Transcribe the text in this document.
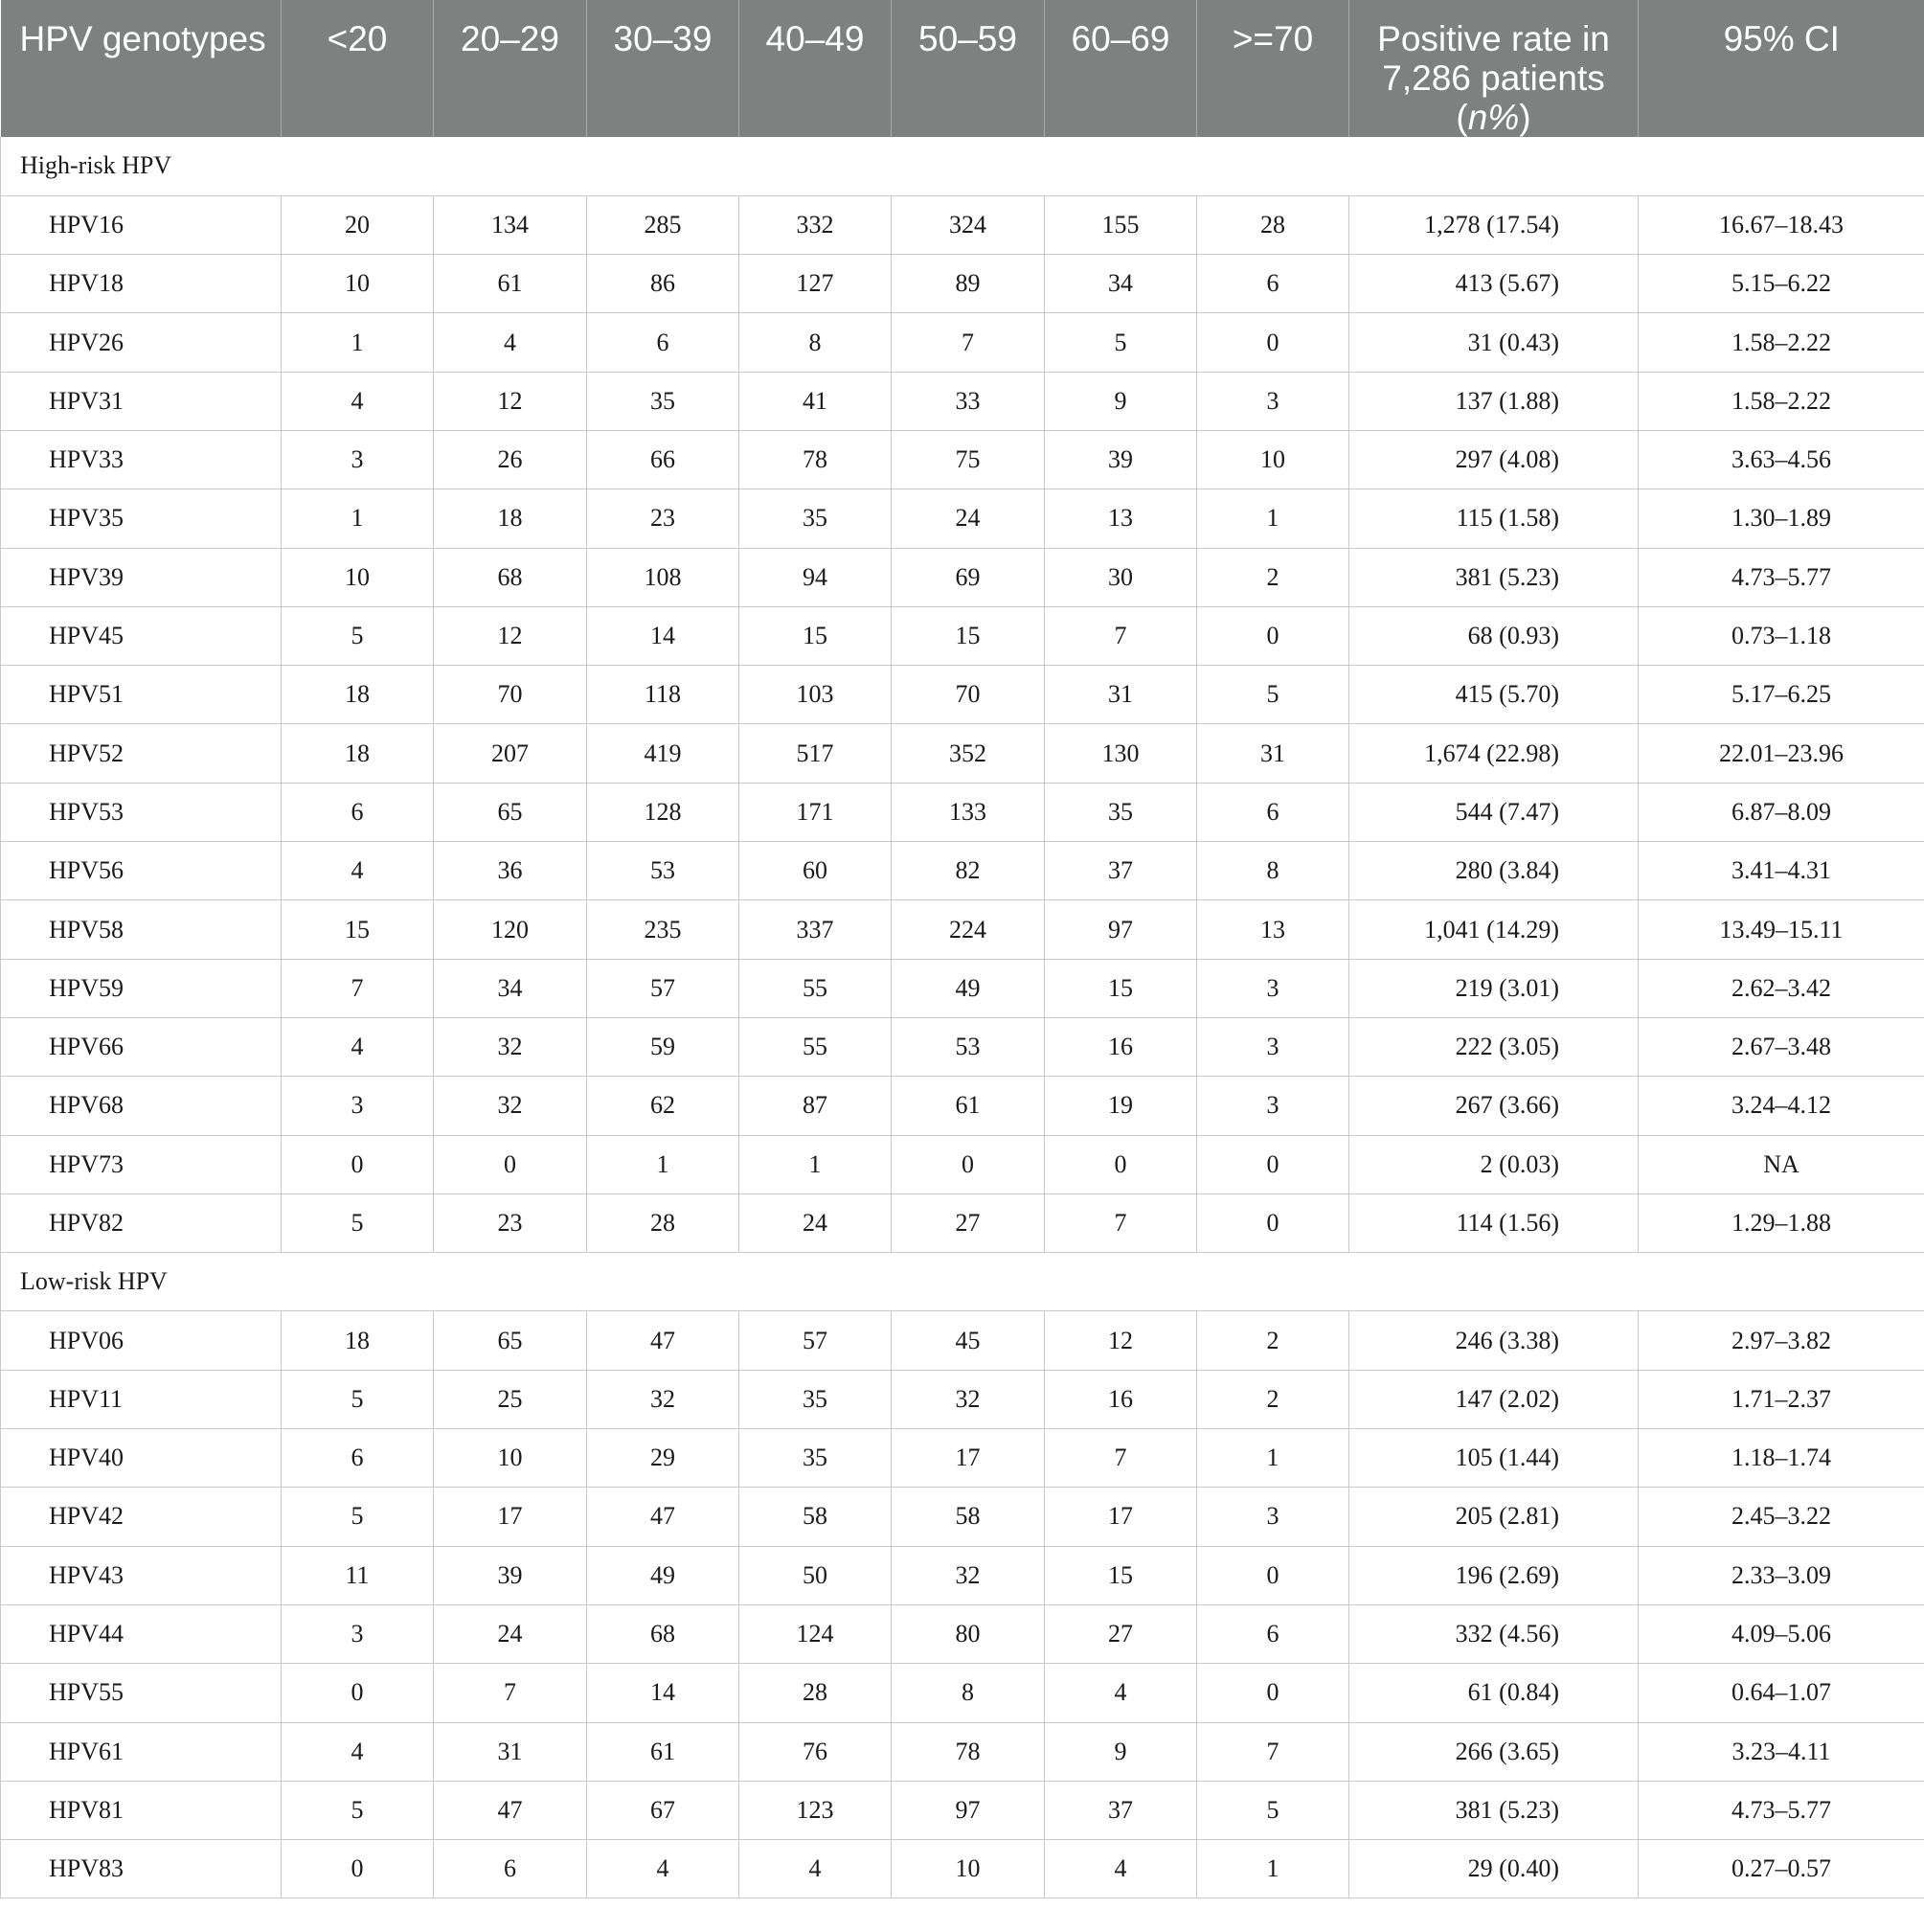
HPV genotypes	<20	20–29	30–39	40–49	50–59	60–69	>=70	Positive rate in 7,286 patients (n%)	95% CI
High-risk HPV									
HPV16	20	134	285	332	324	155	28	1,278 (17.54)	16.67–18.43
HPV18	10	61	86	127	89	34	6	413 (5.67)	5.15–6.22
HPV26	1	4	6	8	7	5	0	31 (0.43)	1.58–2.22
HPV31	4	12	35	41	33	9	3	137 (1.88)	1.58–2.22
HPV33	3	26	66	78	75	39	10	297 (4.08)	3.63–4.56
HPV35	1	18	23	35	24	13	1	115 (1.58)	1.30–1.89
HPV39	10	68	108	94	69	30	2	381 (5.23)	4.73–5.77
HPV45	5	12	14	15	15	7	0	68 (0.93)	0.73–1.18
HPV51	18	70	118	103	70	31	5	415 (5.70)	5.17–6.25
HPV52	18	207	419	517	352	130	31	1,674 (22.98)	22.01–23.96
HPV53	6	65	128	171	133	35	6	544 (7.47)	6.87–8.09
HPV56	4	36	53	60	82	37	8	280 (3.84)	3.41–4.31
HPV58	15	120	235	337	224	97	13	1,041 (14.29)	13.49–15.11
HPV59	7	34	57	55	49	15	3	219 (3.01)	2.62–3.42
HPV66	4	32	59	55	53	16	3	222 (3.05)	2.67–3.48
HPV68	3	32	62	87	61	19	3	267 (3.66)	3.24–4.12
HPV73	0	0	1	1	0	0	0	2 (0.03)	NA
HPV82	5	23	28	24	27	7	0	114 (1.56)	1.29–1.88
Low-risk HPV									
HPV06	18	65	47	57	45	12	2	246 (3.38)	2.97–3.82
HPV11	5	25	32	35	32	16	2	147 (2.02)	1.71–2.37
HPV40	6	10	29	35	17	7	1	105 (1.44)	1.18–1.74
HPV42	5	17	47	58	58	17	3	205 (2.81)	2.45–3.22
HPV43	11	39	49	50	32	15	0	196 (2.69)	2.33–3.09
HPV44	3	24	68	124	80	27	6	332 (4.56)	4.09–5.06
HPV55	0	7	14	28	8	4	0	61 (0.84)	0.64–1.07
HPV61	4	31	61	76	78	9	7	266 (3.65)	3.23–4.11
HPV81	5	47	67	123	97	37	5	381 (5.23)	4.73–5.77
HPV83	0	6	4	4	10	4	1	29 (0.40)	0.27–0.57
